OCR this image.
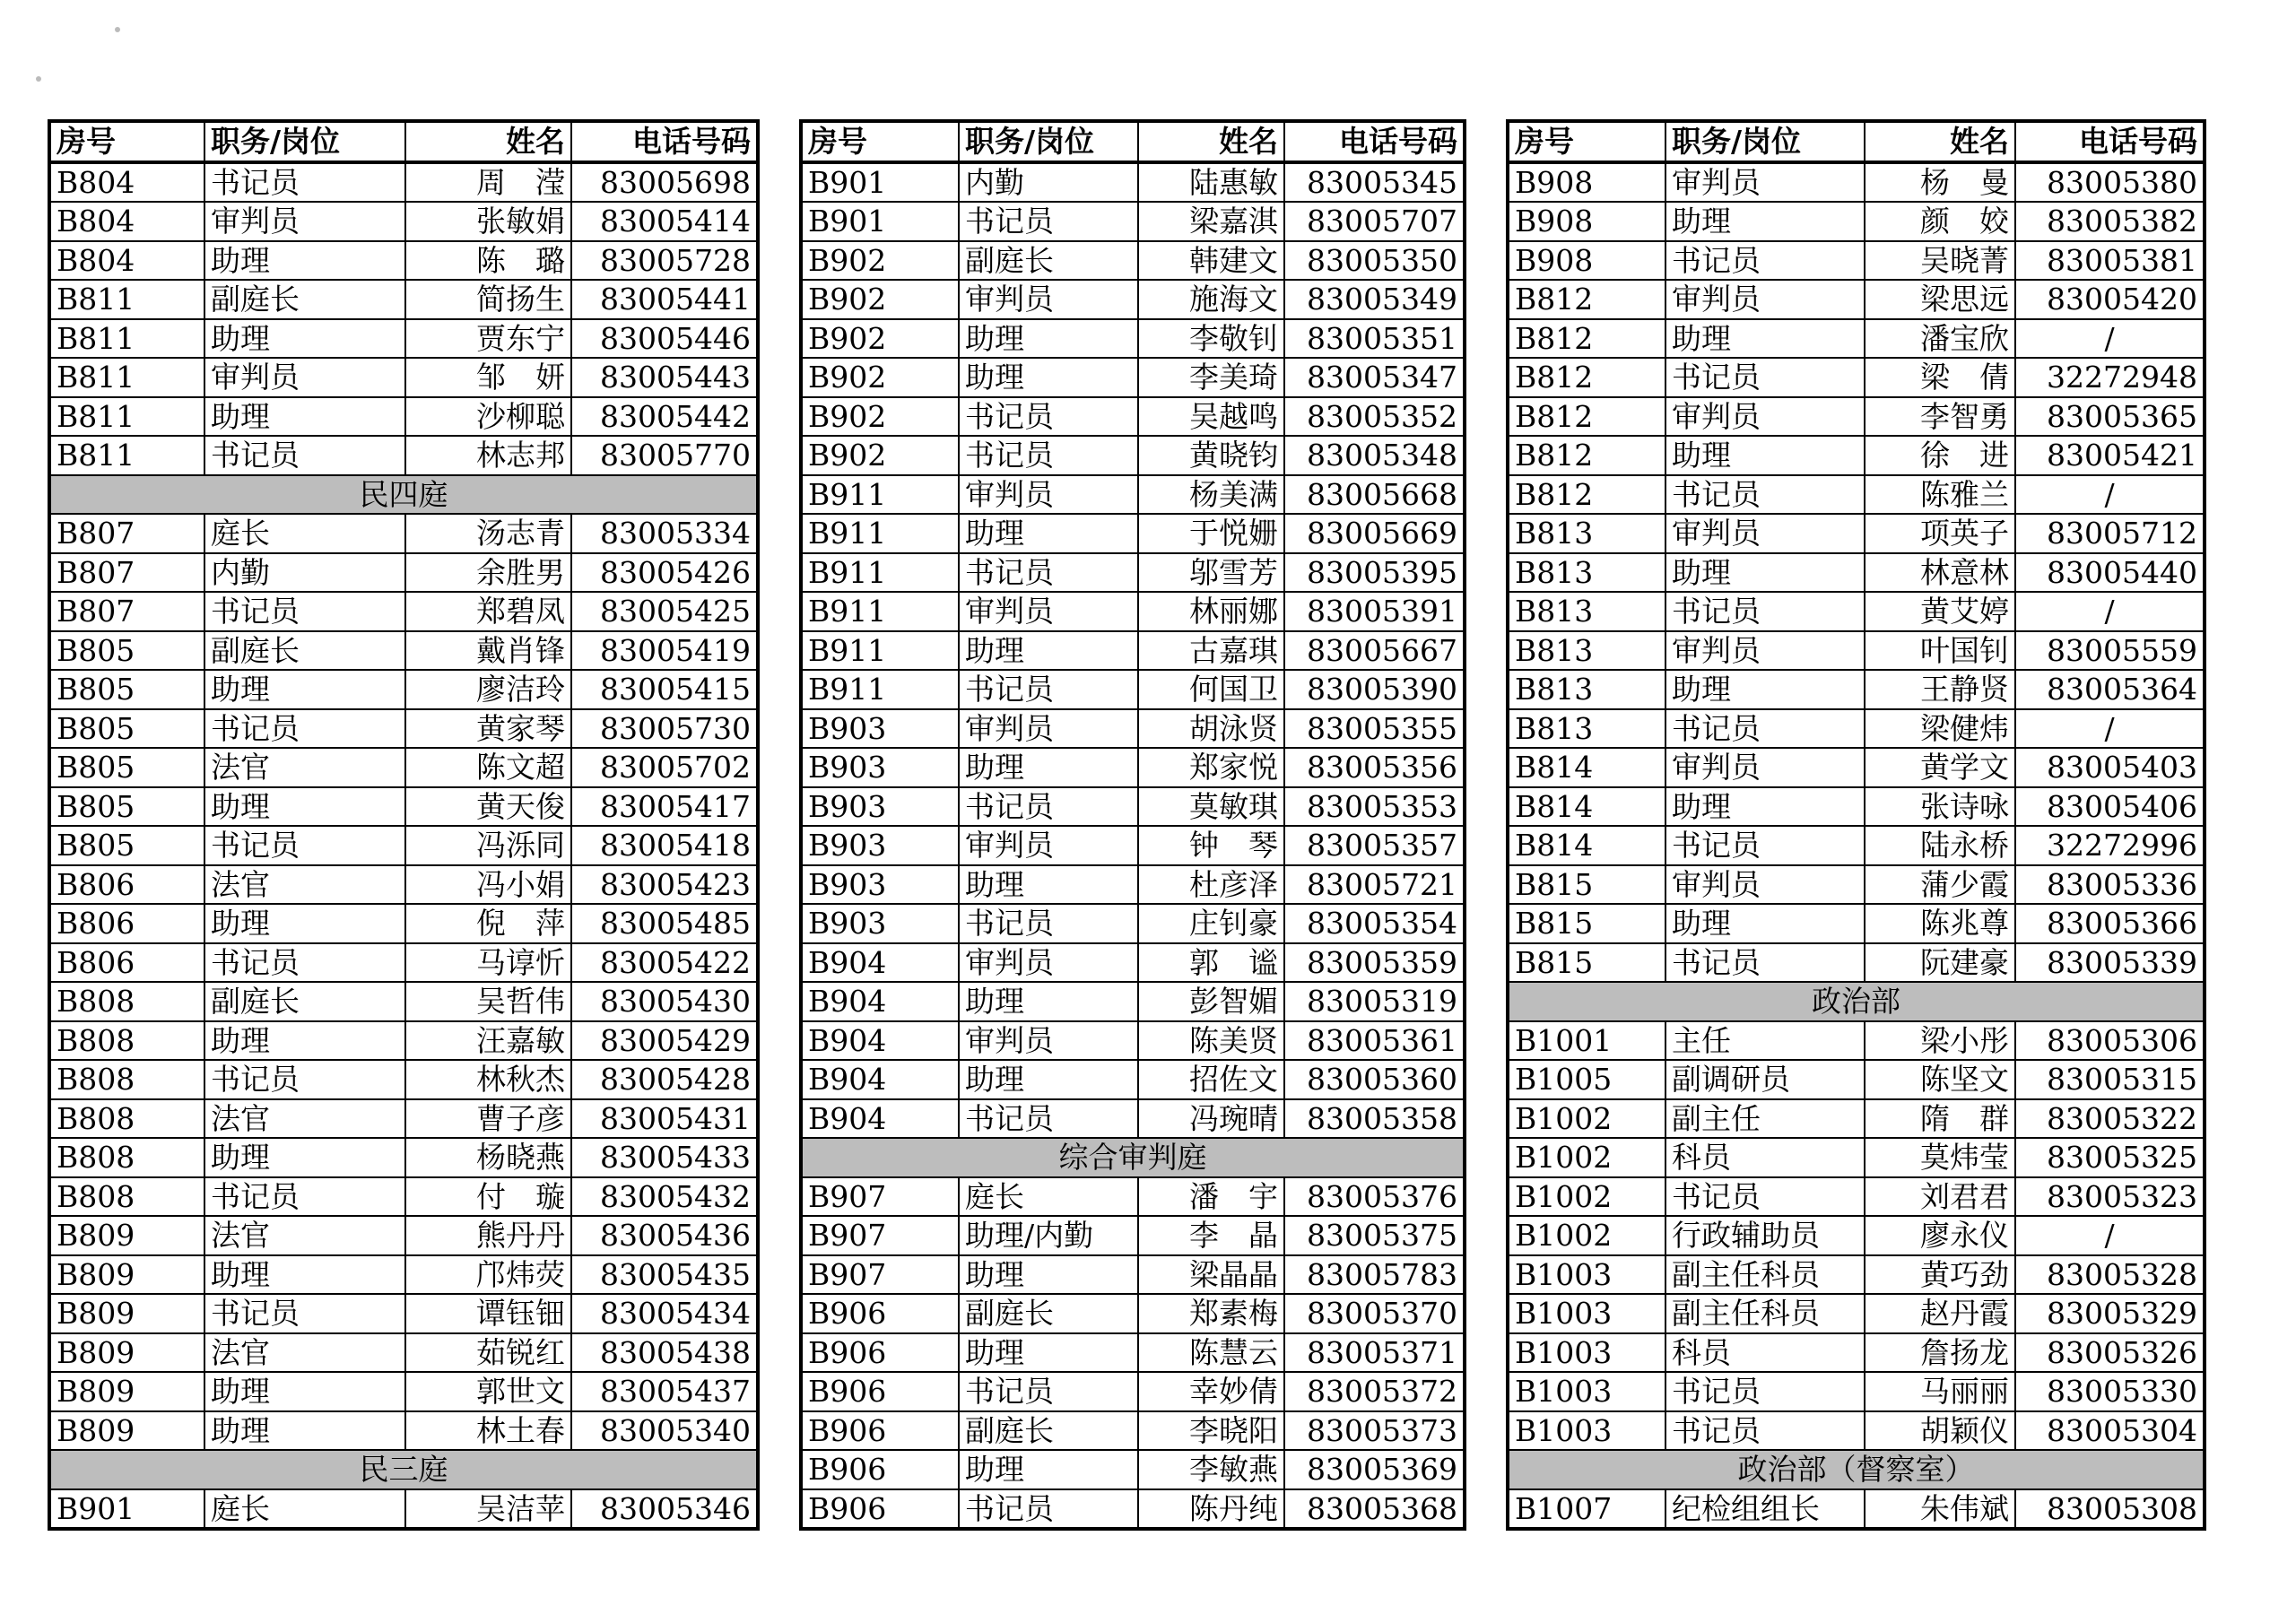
房号	职务/岗位	姓名	电话号码
B804	书记员	周　滢	83005698
B804	审判员	张敏娟	83005414
B804	助理	陈　璐	83005728
B811	副庭长	简扬生	83005441
B811	助理	贾东宁	83005446
B811	审判员	邹　妍	83005443
B811	助理	沙柳聪	83005442
B811	书记员	林志邦	83005770
民四庭			
B807	庭长	汤志青	83005334
B807	内勤	余胜男	83005426
B807	书记员	郑碧凤	83005425
B805	副庭长	戴肖锋	83005419
B805	助理	廖洁玲	83005415
B805	书记员	黄家琴	83005730
B805	法官	陈文超	83005702
B805	助理	黄天俊	83005417
B805	书记员	冯泺同	83005418
B806	法官	冯小娟	83005423
B806	助理	倪　萍	83005485
B806	书记员	马谆忻	83005422
B808	副庭长	吴哲伟	83005430
B808	助理	汪嘉敏	83005429
B808	书记员	林秋杰	83005428
B808	法官	曹子彦	83005431
B808	助理	杨晓燕	83005433
B808	书记员	付　璇	83005432
B809	法官	熊丹丹	83005436
B809	助理	邝炜荧	83005435
B809	书记员	谭钰钿	83005434
B809	法官	茹锐红	83005438
B809	助理	郭世文	83005437
B809	助理	林土春	83005340
民三庭			
B901	庭长	吴洁苹	83005346
房号	职务/岗位	姓名	电话号码
B901	内勤	陆惠敏	83005345
B901	书记员	梁嘉淇	83005707
B902	副庭长	韩建文	83005350
B902	审判员	施海文	83005349
B902	助理	李敬钊	83005351
B902	助理	李美琦	83005347
B902	书记员	吴越鸣	83005352
B902	书记员	黄晓钧	83005348
B911	审判员	杨美满	83005668
B911	助理	于悦姗	83005669
B911	书记员	邬雪芳	83005395
B911	审判员	林丽娜	83005391
B911	助理	古嘉琪	83005667
B911	书记员	何国卫	83005390
B903	审判员	胡泳贤	83005355
B903	助理	郑家悦	83005356
B903	书记员	莫敏琪	83005353
B903	审判员	钟　琴	83005357
B903	助理	杜彦泽	83005721
B903	书记员	庄钊豪	83005354
B904	审判员	郭　谧	83005359
B904	助理	彭智媚	83005319
B904	审判员	陈美贤	83005361
B904	助理	招佐文	83005360
B904	书记员	冯琬晴	83005358
综合审判庭			
B907	庭长	潘　宇	83005376
B907	助理/内勤	李　晶	83005375
B907	助理	梁晶晶	83005783
B906	副庭长	郑素梅	83005370
B906	助理	陈慧云	83005371
B906	书记员	幸妙倩	83005372
B906	副庭长	李晓阳	83005373
B906	助理	李敏燕	83005369
B906	书记员	陈丹纯	83005368
房号	职务/岗位	姓名	电话号码
B908	审判员	杨　曼	83005380
B908	助理	颜　姣	83005382
B908	书记员	吴晓菁	83005381
B812	审判员	梁思远	83005420
B812	助理	潘宝欣	/
B812	书记员	梁　倩	32272948
B812	审判员	李智勇	83005365
B812	助理	徐　进	83005421
B812	书记员	陈雅兰	/
B813	审判员	项英子	83005712
B813	助理	林意林	83005440
B813	书记员	黄艾婷	/
B813	审判员	叶国钊	83005559
B813	助理	王静贤	83005364
B813	书记员	梁健炜	/
B814	审判员	黄学文	83005403
B814	助理	张诗咏	83005406
B814	书记员	陆永桥	32272996
B815	审判员	蒲少霞	83005336
B815	助理	陈兆尊	83005366
B815	书记员	阮建豪	83005339
政治部			
B1001	主任	梁小彤	83005306
B1005	副调研员	陈坚文	83005315
B1002	副主任	隋　群	83005322
B1002	科员	莫炜莹	83005325
B1002	书记员	刘君君	83005323
B1002	行政辅助员	廖永仪	/
B1003	副主任科员	黄巧劲	83005328
B1003	副主任科员	赵丹霞	83005329
B1003	科员	詹扬龙	83005326
B1003	书记员	马丽丽	83005330
B1003	书记员	胡颖仪	83005304
政治部（督察室）			
B1007	纪检组组长	朱伟斌	83005308
